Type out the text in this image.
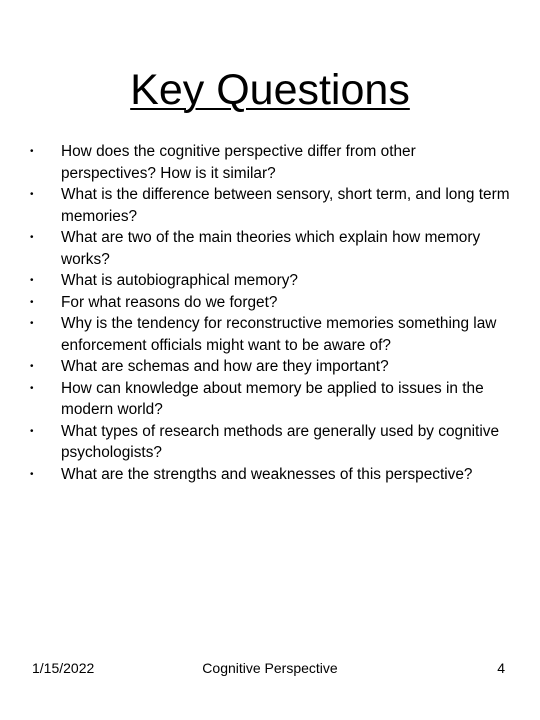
Key Questions
•	How does the cognitive perspective differ from other perspectives? How is it similar?
•	What is the difference between sensory, short term, and long term memories?
•	What are two of the main theories which explain how memory works?
•	What is autobiographical memory?
•	For what reasons do we forget?
•	Why is the tendency for reconstructive memories something law enforcement officials might want to be aware of?
•	What are schemas and how are they important?
•	How can knowledge about memory be applied to issues in the modern world?
•	What types of research methods are generally used by cognitive psychologists?
•	What are the strengths and weaknesses of this perspective?
1/15/2022	Cognitive Perspective	4
